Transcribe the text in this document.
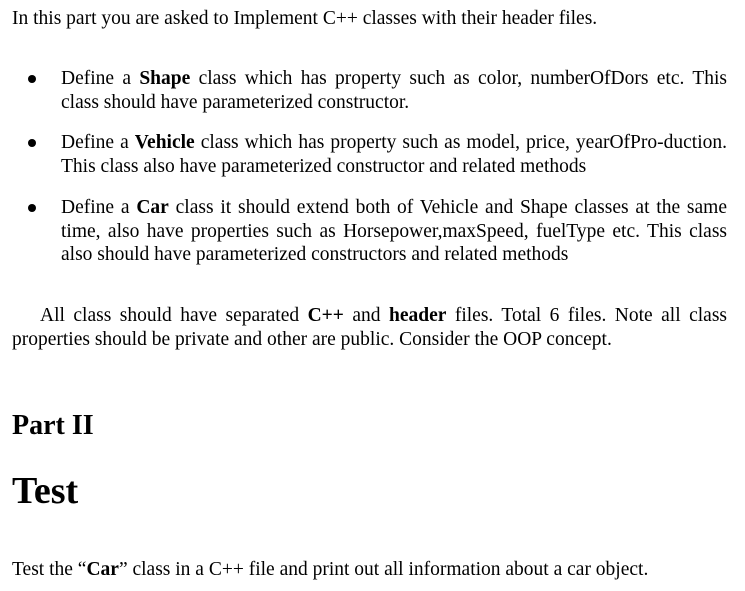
In this part you are asked to Implement C++ classes with their header files.
Define a Shape class which has property such as color, numberOfDors etc. This class should have parameterized constructor.
Define a Vehicle class which has property such as model, price, yearOfPro-duction. This class also have parameterized constructor and related methods
Define a Car class it should extend both of Vehicle and Shape classes at the same time, also have properties such as Horsepower,maxSpeed, fuelType etc. This class also should have parameterized constructors and related methods
All class should have separated C++ and header files. Total 6 files. Note all class properties should be private and other are public. Consider the OOP concept.
Part II
Test
Test the “Car” class in a C++ file and print out all information about a car object.
